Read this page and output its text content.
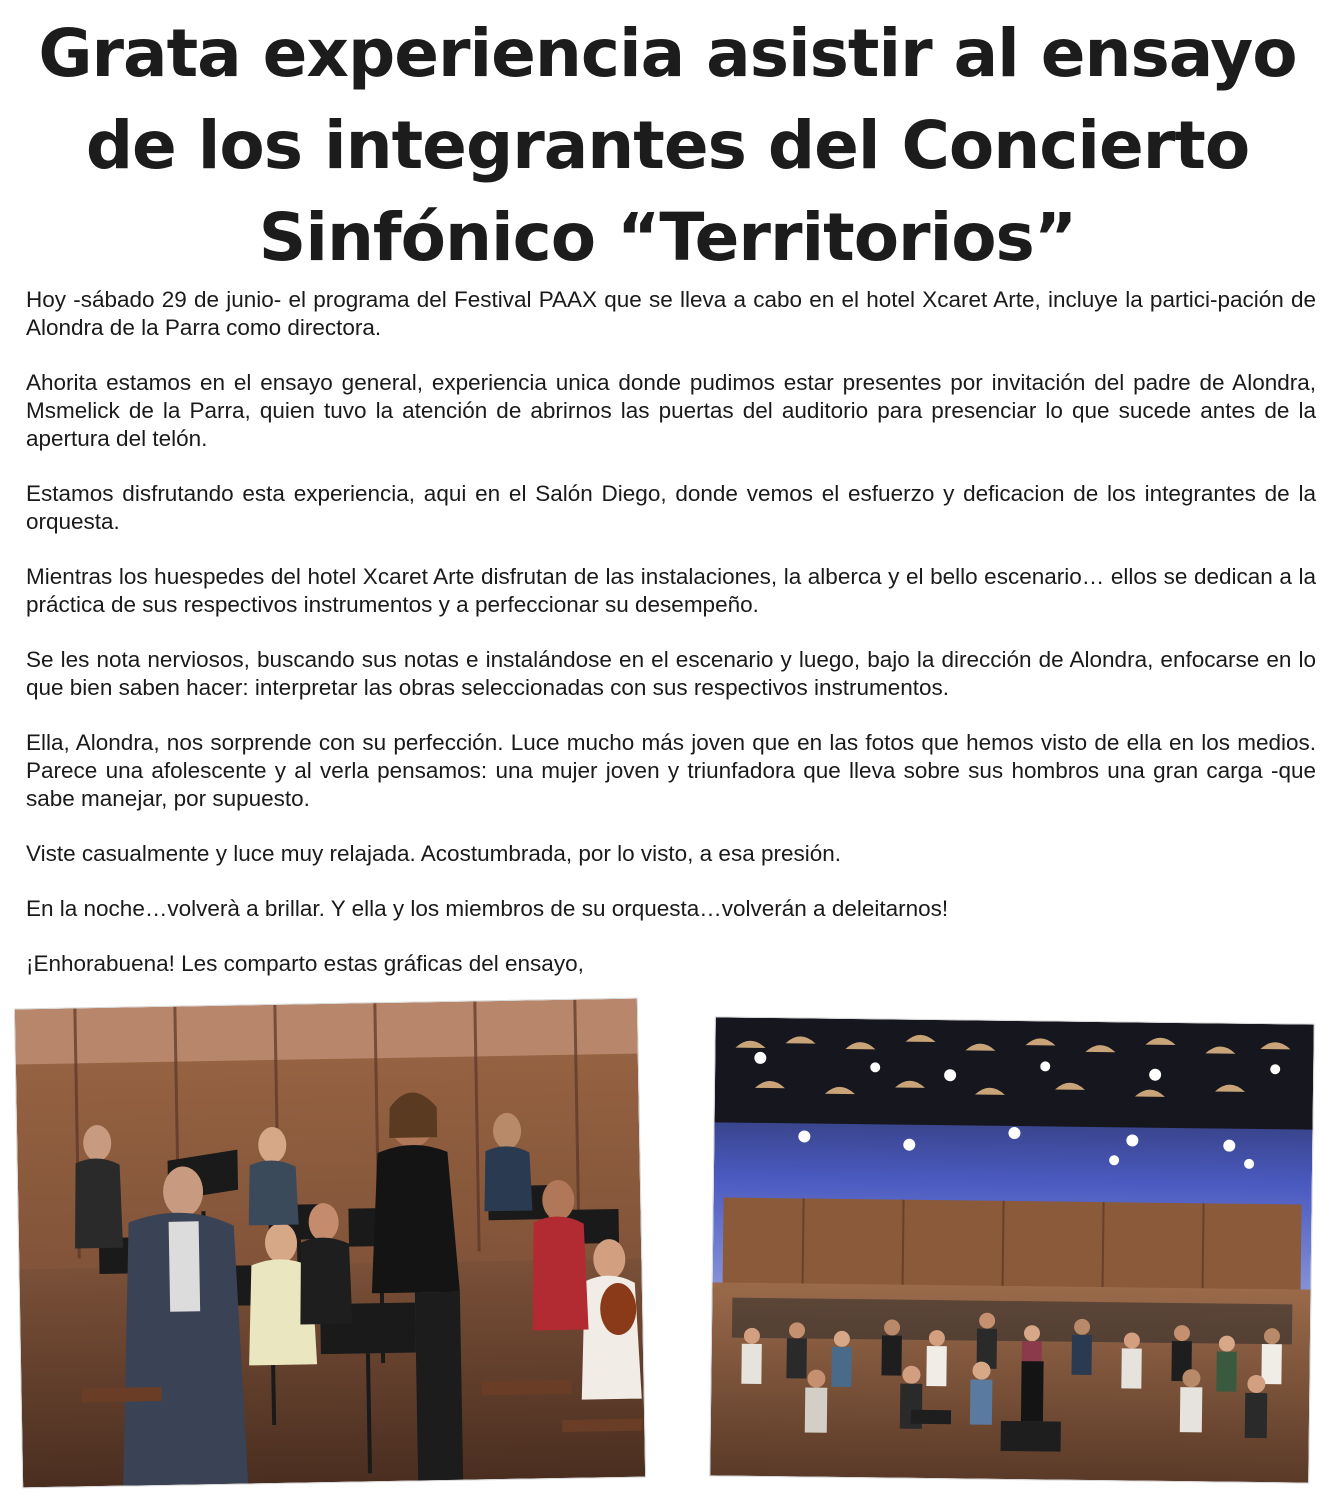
Grata experiencia asistir al ensayo
de los integrantes del Concierto
Sinfónico “Territorios”

Hoy -sábado 29 de junio- el programa del Festival PAAX que se lleva a cabo en el hotel Xcaret Arte, incluye la partici-pación de Alondra de la Parra como directora.

Ahorita estamos en el ensayo general, experiencia unica donde pudimos estar presentes por invitación del padre de Alondra, Msmelick de la Parra, quien tuvo la atención de abrirnos las puertas del auditorio para presenciar lo que sucede antes de la apertura del telón.

Estamos disfrutando esta experiencia, aqui en el Salón Diego, donde vemos el esfuerzo y deficacion de los integrantes de la orquesta.

Mientras los huespedes del hotel Xcaret Arte disfrutan de las instalaciones, la alberca y el bello escenario… ellos se dedican a la práctica de sus respectivos instrumentos y a perfeccionar su desempeño.

Se les nota nerviosos, buscando sus notas e instalándose en el escenario y luego, bajo la dirección de Alondra, enfocarse en lo que bien saben hacer: interpretar las obras seleccionadas con sus respectivos instrumentos.

Ella, Alondra, nos sorprende con su perfección. Luce mucho más joven que en las fotos que hemos visto de ella en los medios. Parece una afolescente y al verla pensamos: una mujer joven y triunfadora que lleva sobre sus hombros una gran carga -que sabe manejar, por supuesto.

Viste casualmente y luce muy relajada. Acostumbrada, por lo visto, a esa presión.

En la noche…volverà a brillar. Y ella y los miembros de su orquesta…volverán a deleitarnos!

¡Enhorabuena! Les comparto estas gráficas del ensayo,
